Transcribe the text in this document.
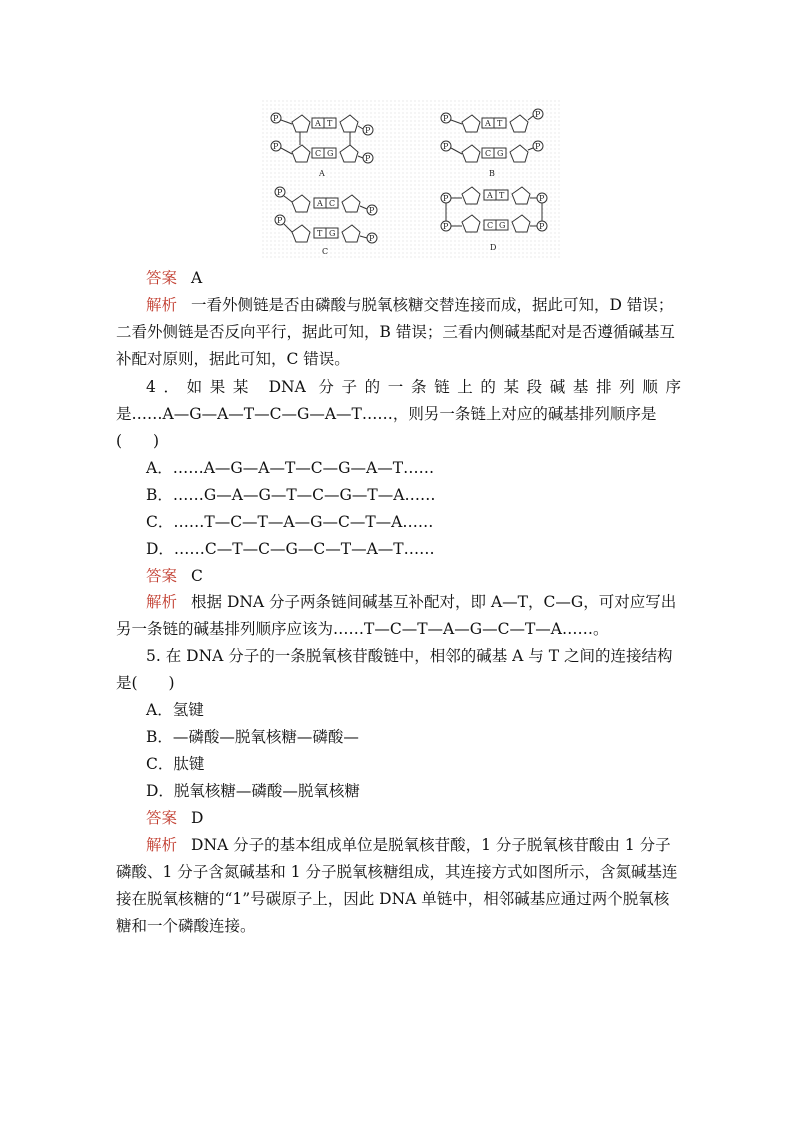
P
P
A T
C G
P
P
A
P
P
A T
C G
P
P
B
P
P
A C
T G
P
P
C
P
P
A T
C G
P
P
D
答案 A
解析 一看外侧链是否由磷酸与脱氧核糖交替连接而成，据此可知，D 错误；
二看外侧链是否反向平行，据此可知，B 错误；三看内侧碱基配对是否遵循碱基互
补配对原则，据此可知，C 错误。
4．如果某 DNA 分子的一条链上的某段碱基排列顺序
是……A—G—A—T—C—G—A—T……，则另一条链上对应的碱基排列顺序是
(　　)
A．……A—G—A—T—C—G—A—T……
B．……G—A—G—T—C—G—T—A……
C．……T—C—T—A—G—C—T—A……
D．……C—T—C—G—C—T—A—T……
答案 C
解析 根据 DNA 分子两条链间碱基互补配对，即 A—T，C—G，可对应写出
另一条链的碱基排列顺序应该为……T—C—T—A—G—C—T—A……。
5. 在 DNA 分子的一条脱氧核苷酸链中，相邻的碱基 A 与 T 之间的连接结构
是(　　)
A．氢键
B．—磷酸—脱氧核糖—磷酸—
C．肽键
D．脱氧核糖—磷酸—脱氧核糖
答案 D
解析 DNA 分子的基本组成单位是脱氧核苷酸，1 分子脱氧核苷酸由 1 分子
磷酸、1 分子含氮碱基和 1 分子脱氧核糖组成，其连接方式如图所示，含氮碱基连
接在脱氧核糖的“1”号碳原子上，因此 DNA 单链中，相邻碱基应通过两个脱氧核
糖和一个磷酸连接。
